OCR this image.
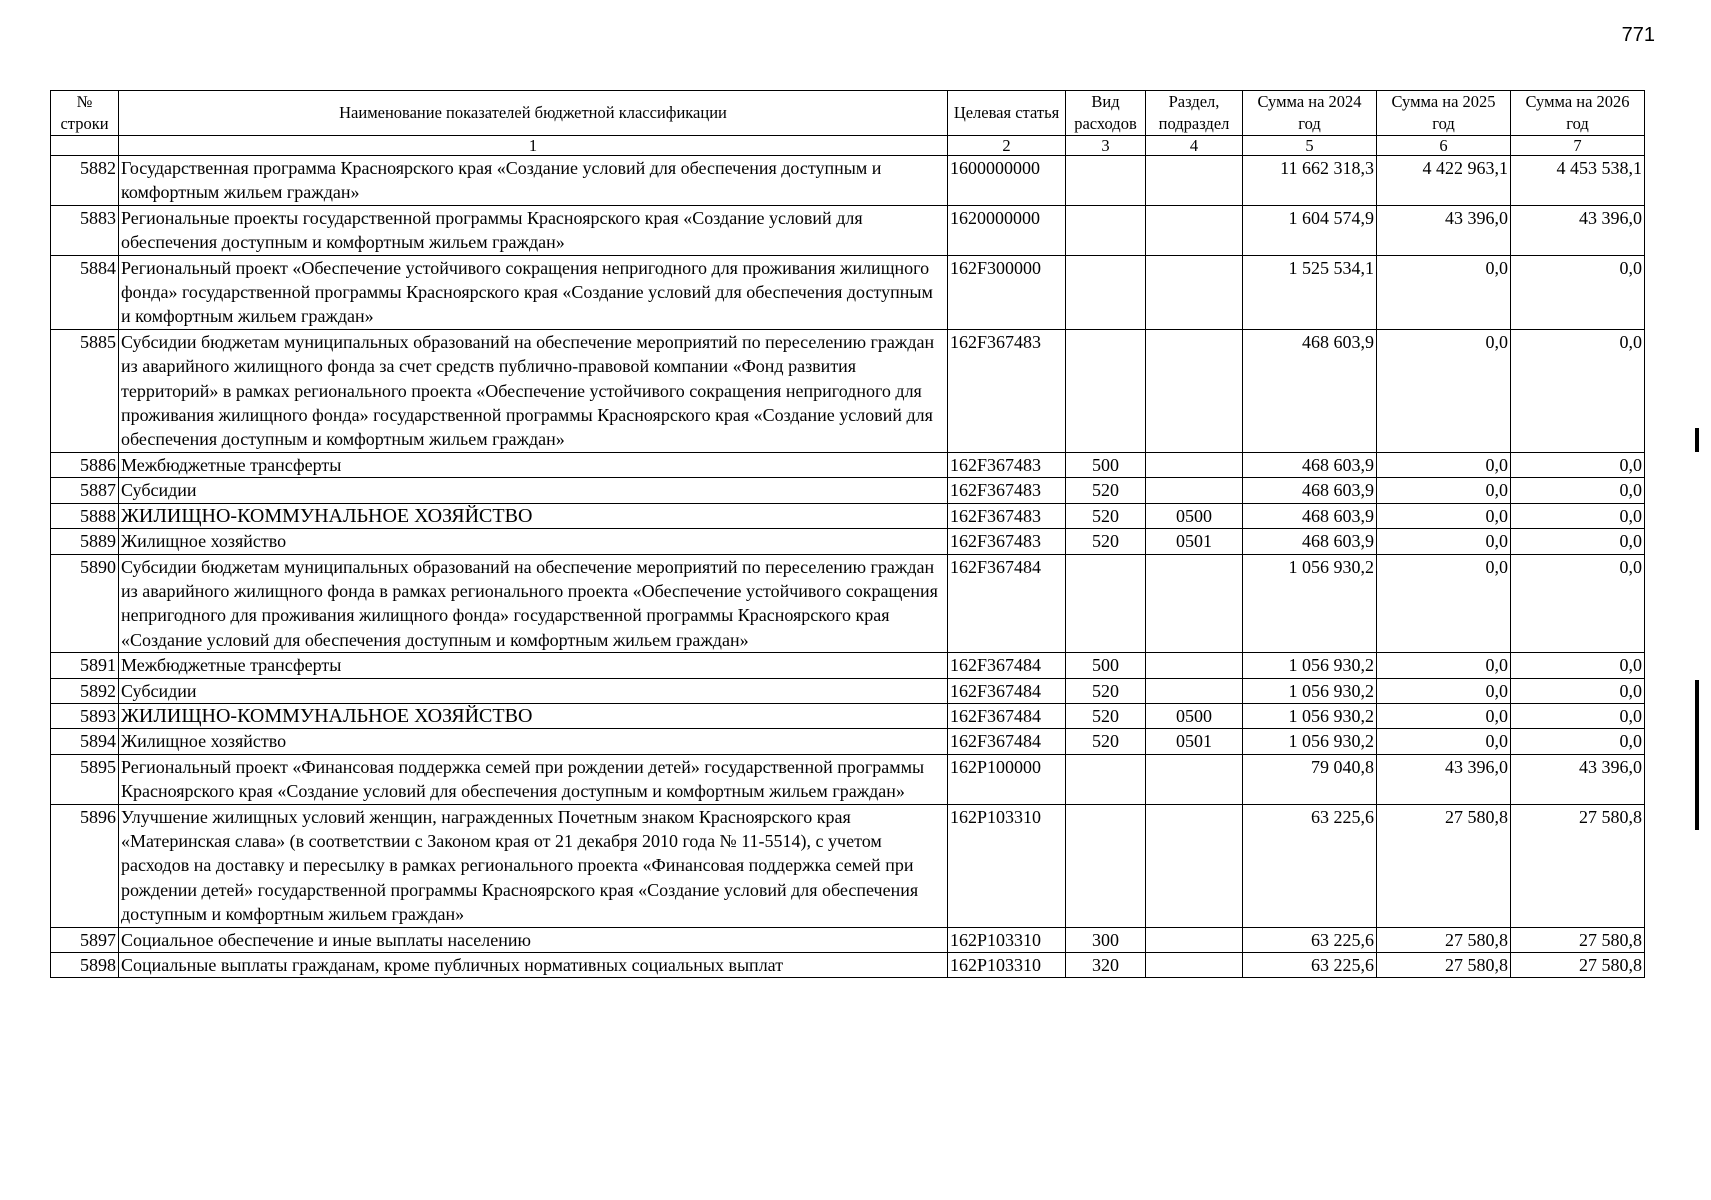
771
№ строки	Наименование показателей бюджетной классификации	Целевая статья	Вид расходов	Раздел, подраздел	Сумма на 2024 год	Сумма на 2025 год	Сумма на 2026 год
	1	2	3	4	5	6	7
5882	Государственная программа Красноярского края «Создание условий для обеспечения доступным и комфортным жильем граждан»	1600000000			11 662 318,3	4 422 963,1	4 453 538,1
5883	Региональные проекты государственной программы Красноярского края «Создание условий для обеспечения доступным и комфортным жильем граждан»	1620000000			1 604 574,9	43 396,0	43 396,0
5884	Региональный проект «Обеспечение устойчивого сокращения непригодного для проживания жилищного фонда» государственной программы Красноярского края «Создание условий для обеспечения доступным и комфортным жильем граждан»	162F300000			1 525 534,1	0,0	0,0
5885	Субсидии бюджетам муниципальных образований на обеспечение мероприятий по переселению граждан из аварийного жилищного фонда за счет средств публично-правовой компании «Фонд развития территорий» в рамках регионального проекта «Обеспечение устойчивого сокращения непригодного для проживания жилищного фонда» государственной программы Красноярского края «Создание условий для обеспечения доступным и комфортным жильем граждан»	162F367483			468 603,9	0,0	0,0
5886	Межбюджетные трансферты	162F367483	500		468 603,9	0,0	0,0
5887	Субсидии	162F367483	520		468 603,9	0,0	0,0
5888	ЖИЛИЩНО-КОММУНАЛЬНОЕ ХОЗЯЙСТВО	162F367483	520	0500	468 603,9	0,0	0,0
5889	Жилищное хозяйство	162F367483	520	0501	468 603,9	0,0	0,0
5890	Субсидии бюджетам муниципальных образований на обеспечение мероприятий по переселению граждан из аварийного жилищного фонда в рамках регионального проекта «Обеспечение устойчивого сокращения непригодного для проживания жилищного фонда» государственной программы Красноярского края «Создание условий для обеспечения доступным и комфортным жильем граждан»	162F367484			1 056 930,2	0,0	0,0
5891	Межбюджетные трансферты	162F367484	500		1 056 930,2	0,0	0,0
5892	Субсидии	162F367484	520		1 056 930,2	0,0	0,0
5893	ЖИЛИЩНО-КОММУНАЛЬНОЕ ХОЗЯЙСТВО	162F367484	520	0500	1 056 930,2	0,0	0,0
5894	Жилищное хозяйство	162F367484	520	0501	1 056 930,2	0,0	0,0
5895	Региональный проект «Финансовая поддержка семей при рождении детей» государственной программы Красноярского края «Создание условий для обеспечения доступным и комфортным жильем граждан»	162P100000			79 040,8	43 396,0	43 396,0
5896	Улучшение жилищных условий женщин, награжденных Почетным знаком Красноярского края «Материнская слава» (в соответствии с Законом края от 21 декабря 2010 года № 11-5514), с учетом расходов на доставку и пересылку в рамках регионального проекта «Финансовая поддержка семей при рождении детей» государственной программы Красноярского края «Создание условий для обеспечения доступным и комфортным жильем граждан»	162P103310			63 225,6	27 580,8	27 580,8
5897	Социальное обеспечение и иные выплаты населению	162P103310	300		63 225,6	27 580,8	27 580,8
5898	Социальные выплаты гражданам, кроме публичных нормативных социальных выплат	162P103310	320		63 225,6	27 580,8	27 580,8
